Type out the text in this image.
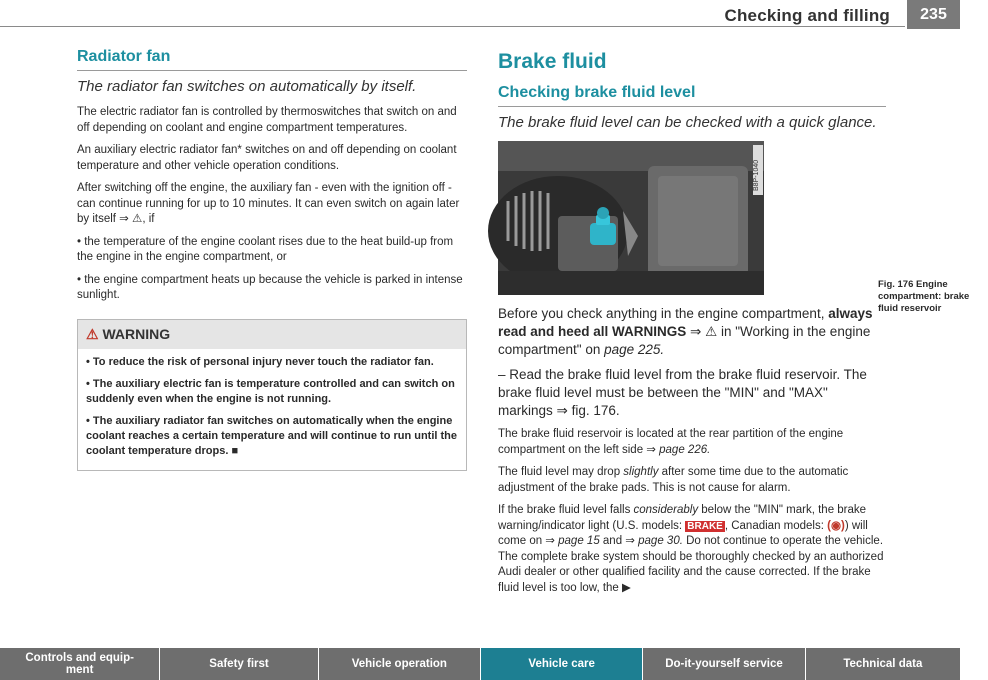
Checking and filling	235
Radiator fan
The radiator fan switches on automatically by itself.

The electric radiator fan is controlled by thermoswitches that switch on and off depending on coolant and engine compartment temperatures.

An auxiliary electric radiator fan* switches on and off depending on coolant temperature and other vehicle operation conditions.

After switching off the engine, the auxiliary fan - even with the ignition off - can continue running for up to 10 minutes. It can even switch on again later by itself ⇒ ⚠, if

• the temperature of the engine coolant rises due to the heat build-up from the engine in the engine compartment, or

• the engine compartment heats up because the vehicle is parked in intense sunlight.

⚠ WARNING

• To reduce the risk of personal injury never touch the radiator fan.

• The auxiliary electric fan is temperature controlled and can switch on suddenly even when the engine is not running.

• The auxiliary radiator fan switches on automatically when the engine coolant reaches a certain temperature and will continue to run until the coolant temperature drops. ■

Brake fluid
Checking brake fluid level
The brake fluid level can be checked with a quick glance.
B8P-1040
Fig. 176 Engine compartment: brake fluid reservoir

Before you check anything in the engine compartment, always read and heed all WARNINGS ⇒ ⚠ in "Working in the engine compartment" on page 225.

– Read the brake fluid level from the brake fluid reservoir. The brake fluid level must be between the "MIN" and "MAX" markings ⇒ fig. 176.

The brake fluid reservoir is located at the rear partition of the engine compartment on the left side ⇒ page 226.

The fluid level may drop slightly after some time due to the automatic adjustment of the brake pads. This is not cause for alarm.

If the brake fluid level falls considerably below the "MIN" mark, the brake warning/indicator light (U.S. models: BRAKE , Canadian models: (◉)) will come on ⇒ page 15 and ⇒ page 30. Do not continue to operate the vehicle. The complete brake system should be thoroughly checked by an authorized Audi dealer or other qualified facility and the cause corrected. If the brake fluid level is too low, the ▶

Controls and equip-
ment	Safety first	Vehicle operation	Vehicle care	Do-it-yourself service	Technical data
